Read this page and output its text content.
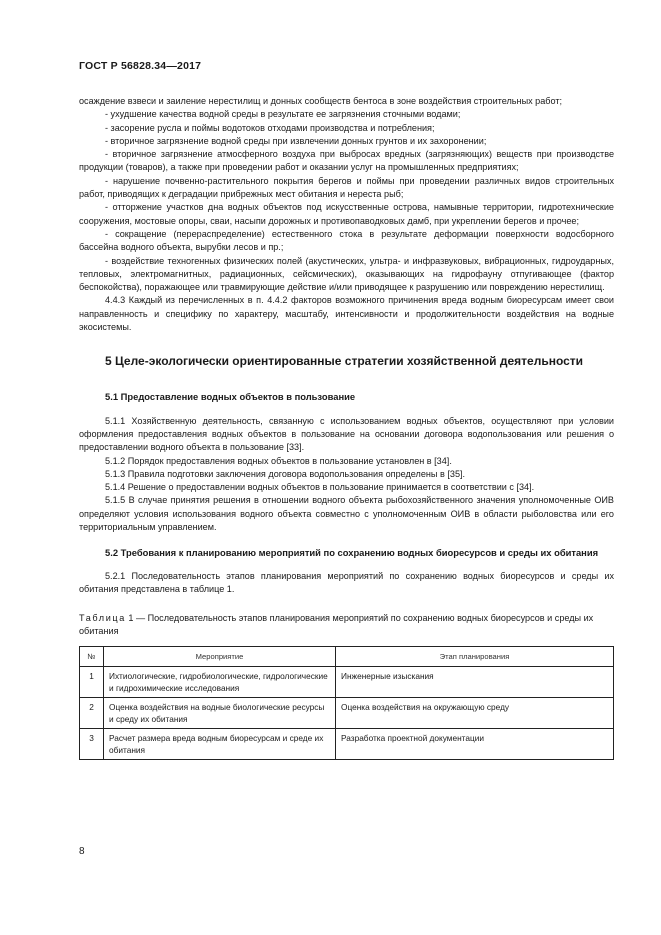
ГОСТ Р 56828.34—2017

осаждение взвеси и заиление нерестилищ и донных сообществ бентоса в зоне воздействия строительных работ;

- ухудшение качества водной среды в результате ее загрязнения сточными водами;

- засорение русла и поймы водотоков отходами производства и потребления;

- вторичное загрязнение водной среды при извлечении донных грунтов и их захоронении;

- вторичное загрязнение атмосферного воздуха при выбросах вредных (загрязняющих) веществ при производстве продукции (товаров), а также при проведении работ и оказании услуг на промышленных предприятиях;

- нарушение почвенно-растительного покрытия берегов и поймы при проведении различных видов строительных работ, приводящих к деградации прибрежных мест обитания и нереста рыб;

- отторжение участков дна водных объектов под искусственные острова, намывные территории, гидротехнические сооружения, мостовые опоры, сваи, насыпи дорожных и противопаводковых дамб, при укреплении берегов и прочее;

- сокращение (перераспределение) естественного стока в результате деформации поверхности водосборного бассейна водного объекта, вырубки лесов и пр.;

- воздействие техногенных физических полей (акустических, ультра- и инфразвуковых, вибрационных, гидроударных, тепловых, электромагнитных, радиационных, сейсмических), оказывающих на гидрофауну отпугивающее (фактор беспокойства), поражающее или травмирующие действие и/или приводящее к разрушению или повреждению нерестилищ.

4.4.3 Каждый из перечисленных в п. 4.4.2 факторов возможного причинения вреда водным биоресурсам имеет свои направленность и специфику по характеру, масштабу, интенсивности и продолжительности воздействия на водные экосистемы.

5 Целе-экологически ориентированные стратегии хозяйственной деятельности
5.1 Предоставление водных объектов в пользование

5.1.1 Хозяйственную деятельность, связанную с использованием водных объектов, осуществляют при условии оформления предоставления водных объектов в пользование на основании договора водопользования или решения о предоставлении водного объекта в пользование [33].

5.1.2 Порядок предоставления водных объектов в пользование установлен в [34].

5.1.3 Правила подготовки заключения договора водопользования определены в [35].

5.1.4 Решение о предоставлении водных объектов в пользование принимается в соответствии с [34].

5.1.5 В случае принятия решения в отношении водного объекта рыбохозяйственного значения уполномоченные ОИВ определяют условия использования водного объекта совместно с уполномоченным ОИВ в области рыболовства или его территориальным управлением.

5.2 Требования к планированию мероприятий по сохранению водных биоресурсов и среды их обитания

5.2.1 Последовательность этапов планирования мероприятий по сохранению водных биоресурсов и среды их обитания представлена в таблице 1.

Таблица 1 — Последовательность этапов планирования мероприятий по сохранению водных биоресурсов и среды их обитания
№	Мероприятие	Этап планирования
1	Ихтиологические, гидробиологические, гидрологические и гидрохимические исследования	Инженерные изыскания
2	Оценка воздействия на водные биологические ресурсы и среду их обитания	Оценка воздействия на окружающую среду
3	Расчет размера вреда водным биоресурсам и среде их обитания	Разработка проектной документации
8
